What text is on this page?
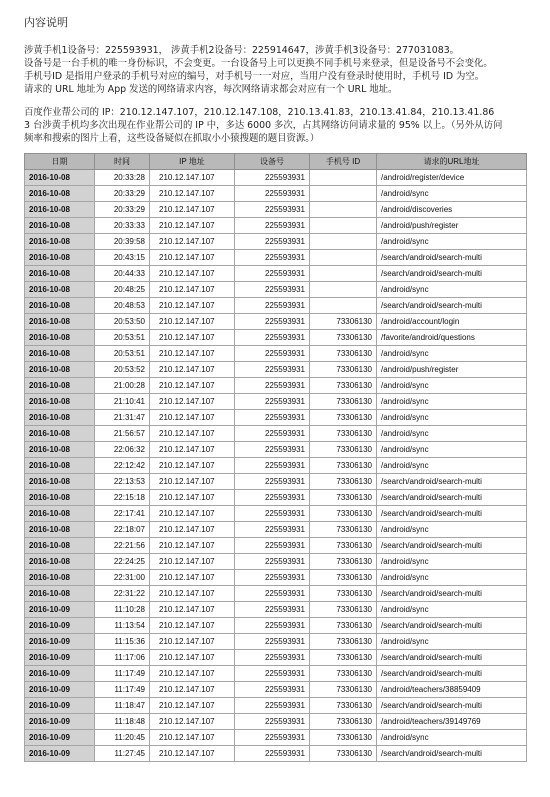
内容说明

涉黄手机1设备号：225593931， 涉黄手机2设备号：225914647，涉黄手机3设备号：277031083。

设备号是一台手机的唯一身份标识，不会变更。一台设备号上可以更换不同手机号来登录，但是设备号不会变化。

手机号ID 是指用户登录的手机号对应的编号，对手机号一一对应，当用户没有登录时使用时，手机号 ID 为空。

请求的 URL 地址为 App 发送的网络请求内容，每次网络请求都会对应有一个 URL 地址。

百度作业帮公司的 IP：210.12.147.107，210.12.147.108，210.13.41.83，210.13.41.84，210.13.41.86

3 台涉黄手机均多次出现在作业帮公司的 IP 中，多达 6000 多次，占其网络访问请求量的 95% 以上。（另外从访问

频率和搜索的图片上看，这些设备疑似在抓取小小猿搜题的题目资源。）

日期	时间	IP 地址	设备号	手机号 ID	请求的URL地址
2016-10-08	20:33:28	210.12.147.107	225593931		/android/register/device
2016-10-08	20:33:29	210.12.147.107	225593931		/android/sync
2016-10-08	20:33:29	210.12.147.107	225593931		/android/discoveries
2016-10-08	20:33:33	210.12.147.107	225593931		/android/push/register
2016-10-08	20:39:58	210.12.147.107	225593931		/android/sync
2016-10-08	20:43:15	210.12.147.107	225593931		/search/android/search-multi
2016-10-08	20:44:33	210.12.147.107	225593931		/search/android/search-multi
2016-10-08	20:48:25	210.12.147.107	225593931		/android/sync
2016-10-08	20:48:53	210.12.147.107	225593931		/search/android/search-multi
2016-10-08	20:53:50	210.12.147.107	225593931	73306130	/android/account/login
2016-10-08	20:53:51	210.12.147.107	225593931	73306130	/favorite/android/questions
2016-10-08	20:53:51	210.12.147.107	225593931	73306130	/android/sync
2016-10-08	20:53:52	210.12.147.107	225593931	73306130	/android/push/register
2016-10-08	21:00:28	210.12.147.107	225593931	73306130	/android/sync
2016-10-08	21:10:41	210.12.147.107	225593931	73306130	/android/sync
2016-10-08	21:31:47	210.12.147.107	225593931	73306130	/android/sync
2016-10-08	21:56:57	210.12.147.107	225593931	73306130	/android/sync
2016-10-08	22:06:32	210.12.147.107	225593931	73306130	/android/sync
2016-10-08	22:12:42	210.12.147.107	225593931	73306130	/android/sync
2016-10-08	22:13:53	210.12.147.107	225593931	73306130	/search/android/search-multi
2016-10-08	22:15:18	210.12.147.107	225593931	73306130	/search/android/search-multi
2016-10-08	22:17:41	210.12.147.107	225593931	73306130	/search/android/search-multi
2016-10-08	22:18:07	210.12.147.107	225593931	73306130	/android/sync
2016-10-08	22:21:56	210.12.147.107	225593931	73306130	/search/android/search-multi
2016-10-08	22:24:25	210.12.147.107	225593931	73306130	/android/sync
2016-10-08	22:31:00	210.12.147.107	225593931	73306130	/android/sync
2016-10-08	22:31:22	210.12.147.107	225593931	73306130	/search/android/search-multi
2016-10-09	11:10:28	210.12.147.107	225593931	73306130	/android/sync
2016-10-09	11:13:54	210.12.147.107	225593931	73306130	/search/android/search-multi
2016-10-09	11:15:36	210.12.147.107	225593931	73306130	/android/sync
2016-10-09	11:17:06	210.12.147.107	225593931	73306130	/search/android/search-multi
2016-10-09	11:17:49	210.12.147.107	225593931	73306130	/search/android/search-multi
2016-10-09	11:17:49	210.12.147.107	225593931	73306130	/android/teachers/38859409
2016-10-09	11:18:47	210.12.147.107	225593931	73306130	/search/android/search-multi
2016-10-09	11:18:48	210.12.147.107	225593931	73306130	/android/teachers/39149769
2016-10-09	11:20:45	210.12.147.107	225593931	73306130	/android/sync
2016-10-09	11:27:45	210.12.147.107	225593931	73306130	/search/android/search-multi
